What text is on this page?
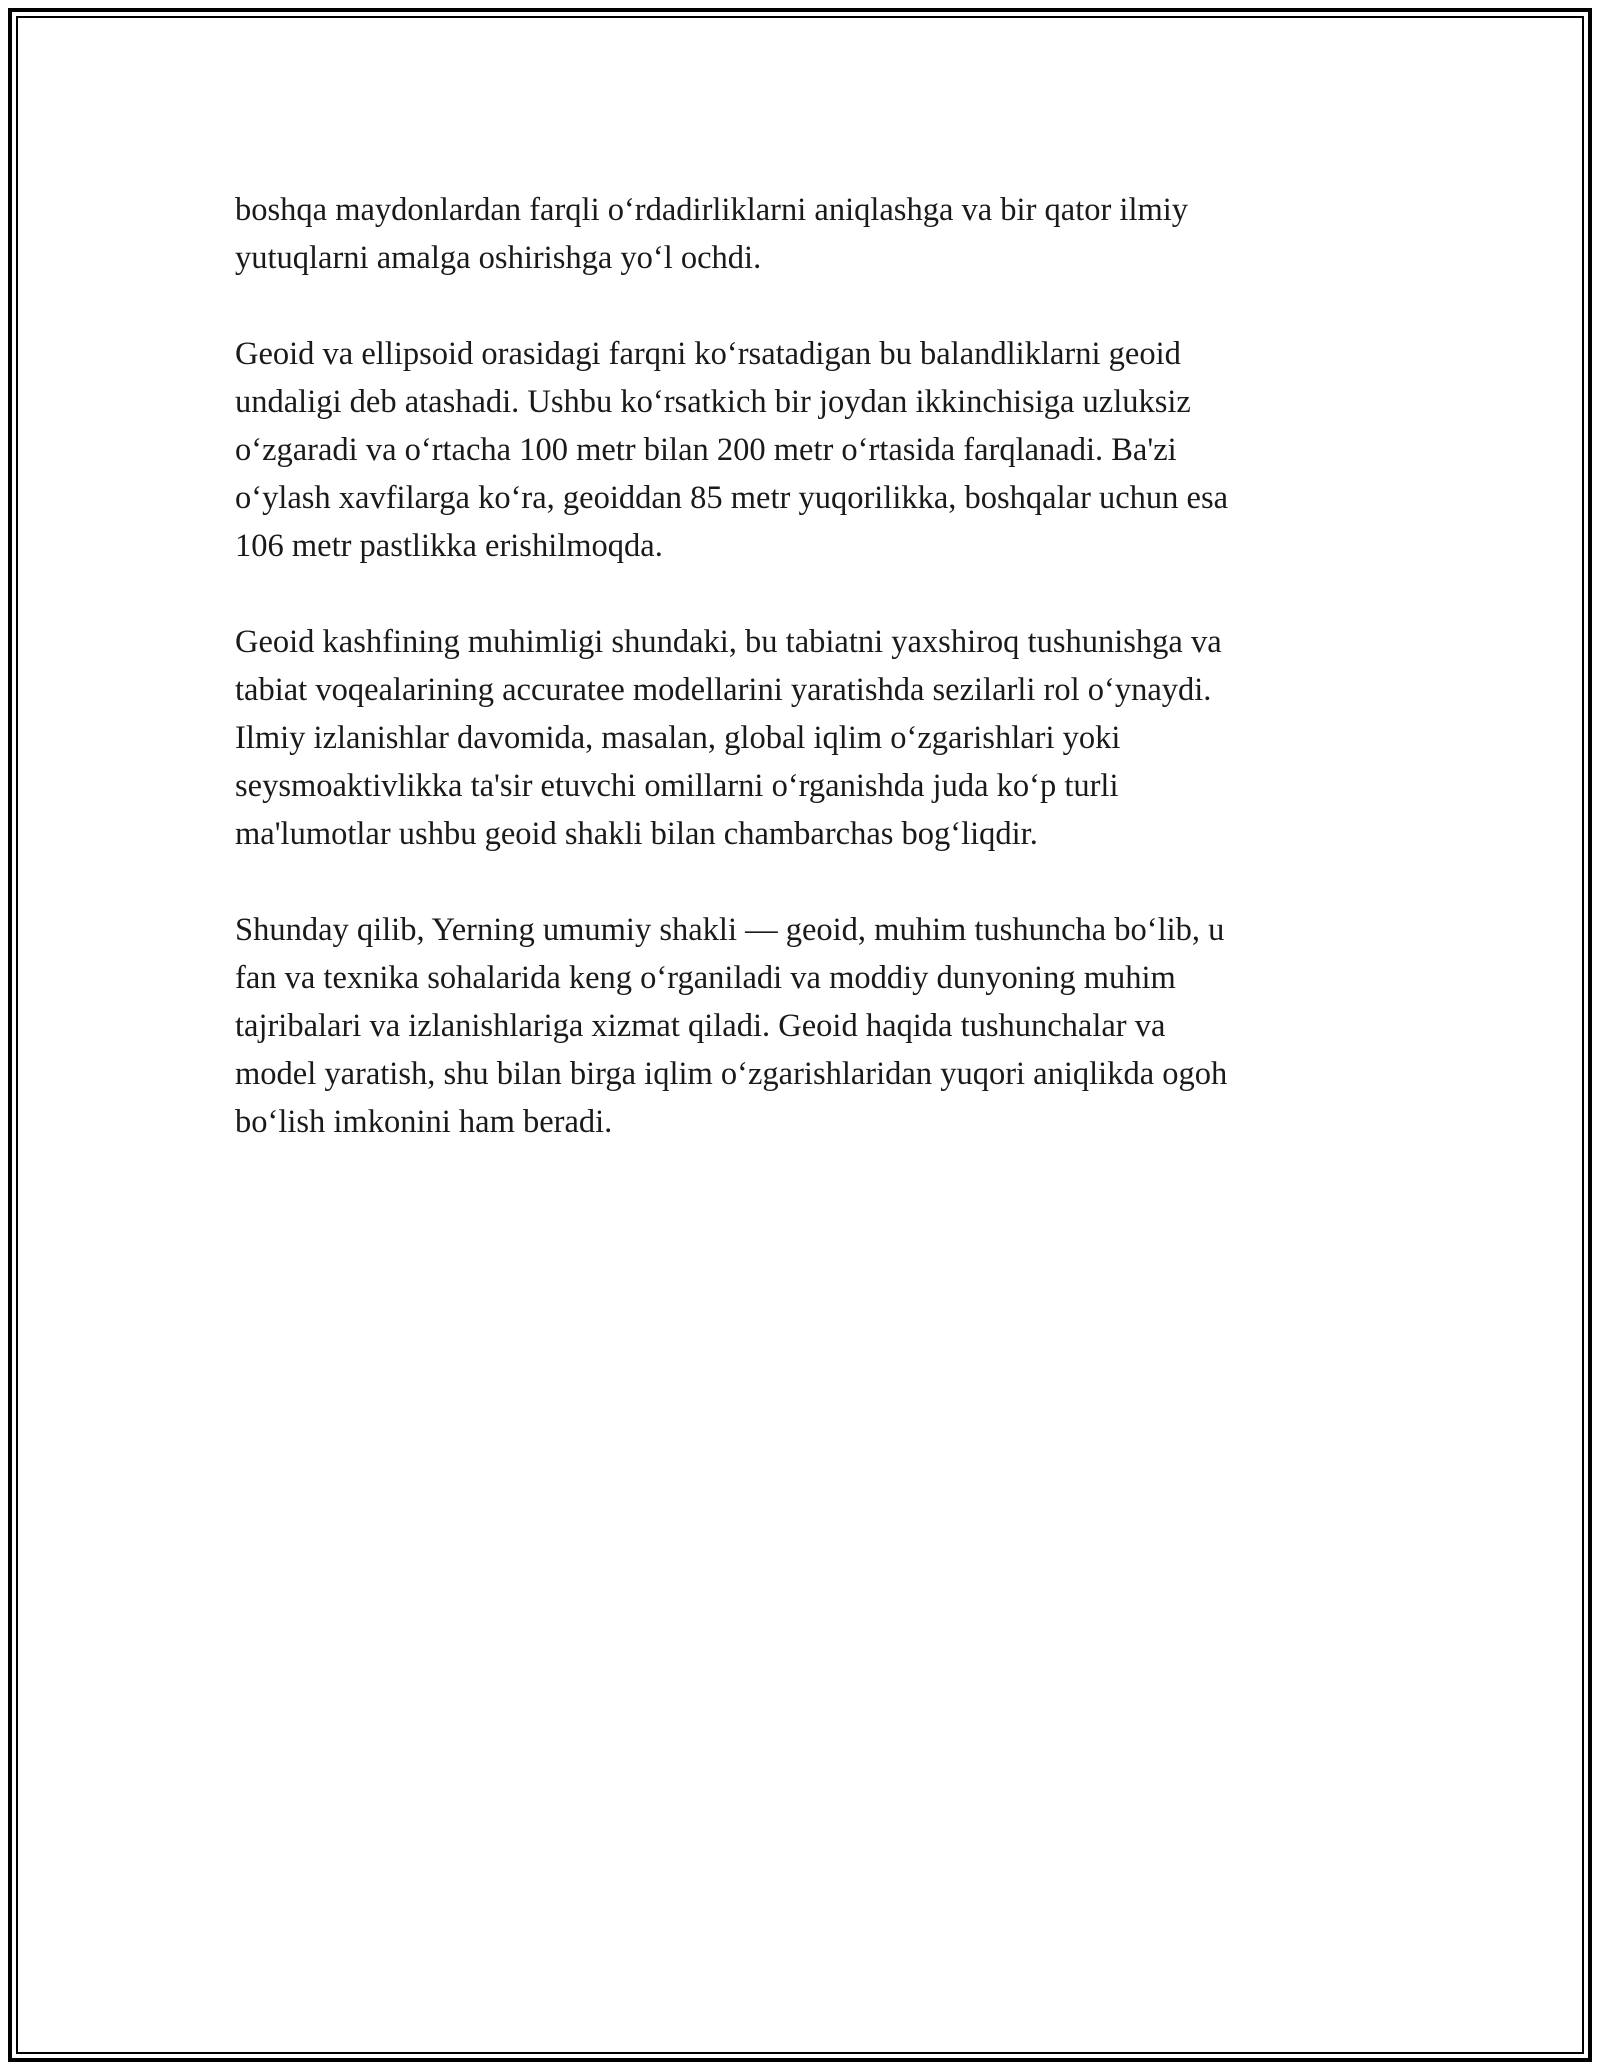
boshqa maydonlardan farqli o‘rdadirliklarni aniqlashga va bir qator ilmiy
yutuqlarni amalga oshirishga yo‘l ochdi.

Geoid va ellipsoid orasidagi farqni ko‘rsatadigan bu balandliklarni geoid
undaligi deb atashadi. Ushbu ko‘rsatkich bir joydan ikkinchisiga uzluksiz
o‘zgaradi va o‘rtacha 100 metr bilan 200 metr o‘rtasida farqlanadi. Ba'zi
o‘ylash xavfilarga ko‘ra, geoiddan 85 metr yuqorilikka, boshqalar uchun esa
106 metr pastlikka erishilmoqda.

Geoid kashfining muhimligi shundaki, bu tabiatni yaxshiroq tushunishga va
tabiat voqealarining accuratee modellarini yaratishda sezilarli rol o‘ynaydi.
Ilmiy izlanishlar davomida, masalan, global iqlim o‘zgarishlari yoki
seysmoaktivlikka ta'sir etuvchi omillarni o‘rganishda juda ko‘p turli
ma'lumotlar ushbu geoid shakli bilan chambarchas bog‘liqdir.

Shunday qilib, Yerning umumiy shakli — geoid, muhim tushuncha bo‘lib, u
fan va texnika sohalarida keng o‘rganiladi va moddiy dunyoning muhim
tajribalari va izlanishlariga xizmat qiladi. Geoid haqida tushunchalar va
model yaratish, shu bilan birga iqlim o‘zgarishlaridan yuqori aniqlikda ogoh
bo‘lish imkonini ham beradi.
